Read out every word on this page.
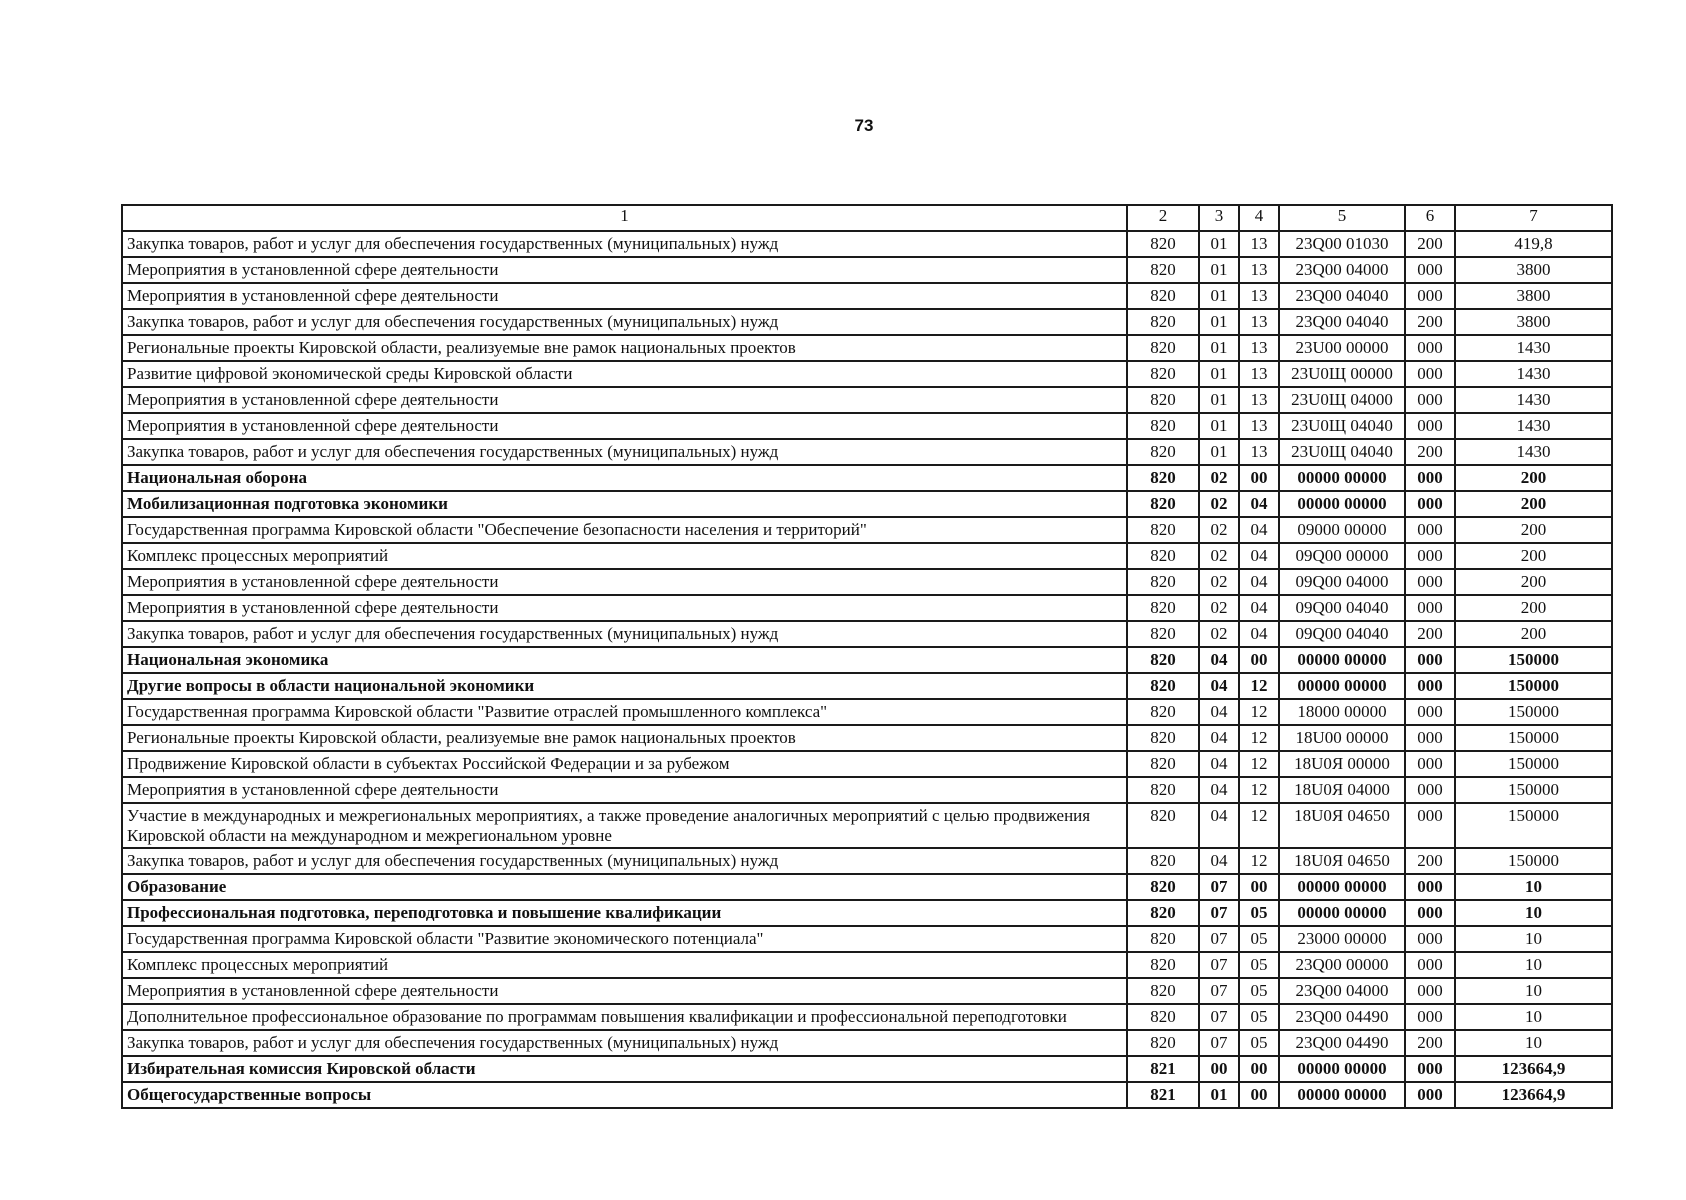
73
1	2	3	4	5	6	7
Закупка товаров, работ и услуг для обеспечения государственных (муниципальных) нужд	820	01	13	23Q00 01030	200	419,8
Мероприятия в установленной сфере деятельности	820	01	13	23Q00 04000	000	3800
Мероприятия в установленной сфере деятельности	820	01	13	23Q00 04040	000	3800
Закупка товаров, работ и услуг для обеспечения государственных (муниципальных) нужд	820	01	13	23Q00 04040	200	3800
Региональные проекты Кировской области, реализуемые вне рамок национальных проектов	820	01	13	23U00 00000	000	1430
Развитие цифровой экономической среды Кировской области	820	01	13	23U0Щ 00000	000	1430
Мероприятия в установленной сфере деятельности	820	01	13	23U0Щ 04000	000	1430
Мероприятия в установленной сфере деятельности	820	01	13	23U0Щ 04040	000	1430
Закупка товаров, работ и услуг для обеспечения государственных (муниципальных) нужд	820	01	13	23U0Щ 04040	200	1430
Национальная оборона	820	02	00	00000 00000	000	200
Мобилизационная подготовка экономики	820	02	04	00000 00000	000	200
Государственная программа Кировской области "Обеспечение безопасности населения и территорий"	820	02	04	09000 00000	000	200
Комплекс процессных мероприятий	820	02	04	09Q00 00000	000	200
Мероприятия в установленной сфере деятельности	820	02	04	09Q00 04000	000	200
Мероприятия в установленной сфере деятельности	820	02	04	09Q00 04040	000	200
Закупка товаров, работ и услуг для обеспечения государственных (муниципальных) нужд	820	02	04	09Q00 04040	200	200
Национальная экономика	820	04	00	00000 00000	000	150000
Другие вопросы в области национальной экономики	820	04	12	00000 00000	000	150000
Государственная программа Кировской области "Развитие отраслей промышленного комплекса"	820	04	12	18000 00000	000	150000
Региональные проекты Кировской области, реализуемые вне рамок национальных проектов	820	04	12	18U00 00000	000	150000
Продвижение Кировской области в субъектах Российской Федерации и за рубежом	820	04	12	18U0Я 00000	000	150000
Мероприятия в установленной сфере деятельности	820	04	12	18U0Я 04000	000	150000
Участие в международных и межрегиональных мероприятиях, а также проведение аналогичных мероприятий с целью продвижения Кировской области на международном и межрегиональном уровне	820	04	12	18U0Я 04650	000	150000
Закупка товаров, работ и услуг для обеспечения государственных (муниципальных) нужд	820	04	12	18U0Я 04650	200	150000
Образование	820	07	00	00000 00000	000	10
Профессиональная подготовка, переподготовка и повышение квалификации	820	07	05	00000 00000	000	10
Государственная программа Кировской области "Развитие экономического потенциала"	820	07	05	23000 00000	000	10
Комплекс процессных мероприятий	820	07	05	23Q00 00000	000	10
Мероприятия в установленной сфере деятельности	820	07	05	23Q00 04000	000	10
Дополнительное профессиональное образование по программам повышения квалификации и профессиональной переподготовки	820	07	05	23Q00 04490	000	10
Закупка товаров, работ и услуг для обеспечения государственных (муниципальных) нужд	820	07	05	23Q00 04490	200	10
Избирательная комиссия Кировской области	821	00	00	00000 00000	000	123664,9
Общегосударственные вопросы	821	01	00	00000 00000	000	123664,9
